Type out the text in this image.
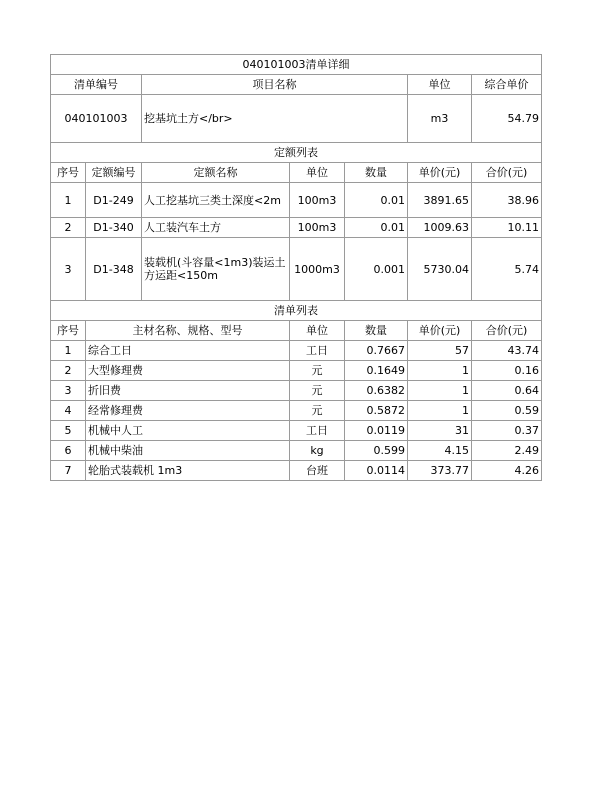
040101003清单详细						
清单编号		项目名称			单位	综合单价
040101003		挖基坑土方</br>			m3	54.79
定额列表						
序号	定额编号	定额名称	单位	数量	单价(元)	合价(元)
1	D1-249	人工挖基坑三类土深度<2m	100m3	0.01	3891.65	38.96
2	D1-340	人工装汽车土方	100m3	0.01	1009.63	10.11
3	D1-348	装载机(斗容量<1m3)装运土方运距<150m	1000m3	0.001	5730.04	5.74
清单列表						
序号	主材名称、规格、型号		单位	数量	单价(元)	合价(元)
1	综合工日		工日	0.7667	57	43.74
2	大型修理费		元	0.1649	1	0.16
3	折旧费		元	0.6382	1	0.64
4	经常修理费		元	0.5872	1	0.59
5	机械中人工		工日	0.0119	31	0.37
6	机械中柴油		kg	0.599	4.15	2.49
7	轮胎式装载机 1m3		台班	0.0114	373.77	4.26
